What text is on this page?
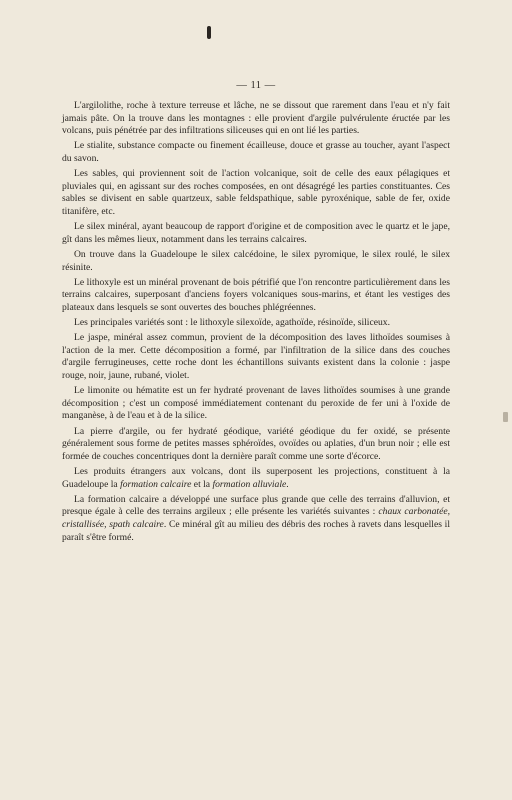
— 11 —

L'argilolithe, roche à texture terreuse et lâche, ne se dissout que rarement dans l'eau et n'y fait jamais pâte. On la trouve dans les montagnes : elle provient d'argile pulvérulente éructée par les volcans, puis pénétrée par des infiltrations siliceuses qui en ont lié les parties.

Le stialite, substance compacte ou finement écailleuse, douce et grasse au toucher, ayant l'aspect du savon.

Les sables, qui proviennent soit de l'action volcanique, soit de celle des eaux pélagiques et pluviales qui, en agissant sur des roches composées, en ont désagrégé les parties constituantes. Ces sables se divisent en sable quartzeux, sable feldspathique, sable pyroxénique, sable de fer, oxide titanifère, etc.

Le silex minéral, ayant beaucoup de rapport d'origine et de composition avec le quartz et le jape, gît dans les mêmes lieux, notamment dans les terrains calcaires.

On trouve dans la Guadeloupe le silex calcédoine, le silex pyromique, le silex roulé, le silex résinite.

Le lithoxyle est un minéral provenant de bois pétrifié que l'on rencontre particulièrement dans les terrains calcaires, superposant d'anciens foyers volcaniques sous-marins, et étant les vestiges des plateaux dans lesquels se sont ouvertes des bouches phlégréennes.

Les principales variétés sont : le lithoxyle silexoïde, agathoïde, résinoïde, siliceux.

Le jaspe, minéral assez commun, provient de la décomposition des laves lithoïdes soumises à l'action de la mer. Cette décomposition a formé, par l'infiltration de la silice dans des couches d'argile ferrugineuses, cette roche dont les échantillons suivants existent dans la colonie : jaspe rouge, noir, jaune, rubané, violet.

Le limonite ou hématite est un fer hydraté provenant de laves lithoïdes soumises à une grande décomposition ; c'est un composé immédiatement contenant du peroxide de fer uni à l'oxide de manganèse, à de l'eau et à de la silice.

La pierre d'argile, ou fer hydraté géodique, variété géodique du fer oxidé, se présente généralement sous forme de petites masses sphéroïdes, ovoïdes ou aplaties, d'un brun noir ; elle est formée de couches concentriques dont la dernière paraît comme une sorte d'écorce.

Les produits étrangers aux volcans, dont ils superposent les projections, constituent à la Guadeloupe la formation calcaire et la formation alluviale.

La formation calcaire a développé une surface plus grande que celle des terrains d'alluvion, et presque égale à celle des terrains argileux ; elle présente les variétés suivantes : chaux carbonatée, cristallisée, spath calcaire. Ce minéral gît au milieu des débris des roches à ravets dans lesquelles il paraît s'être formé.
